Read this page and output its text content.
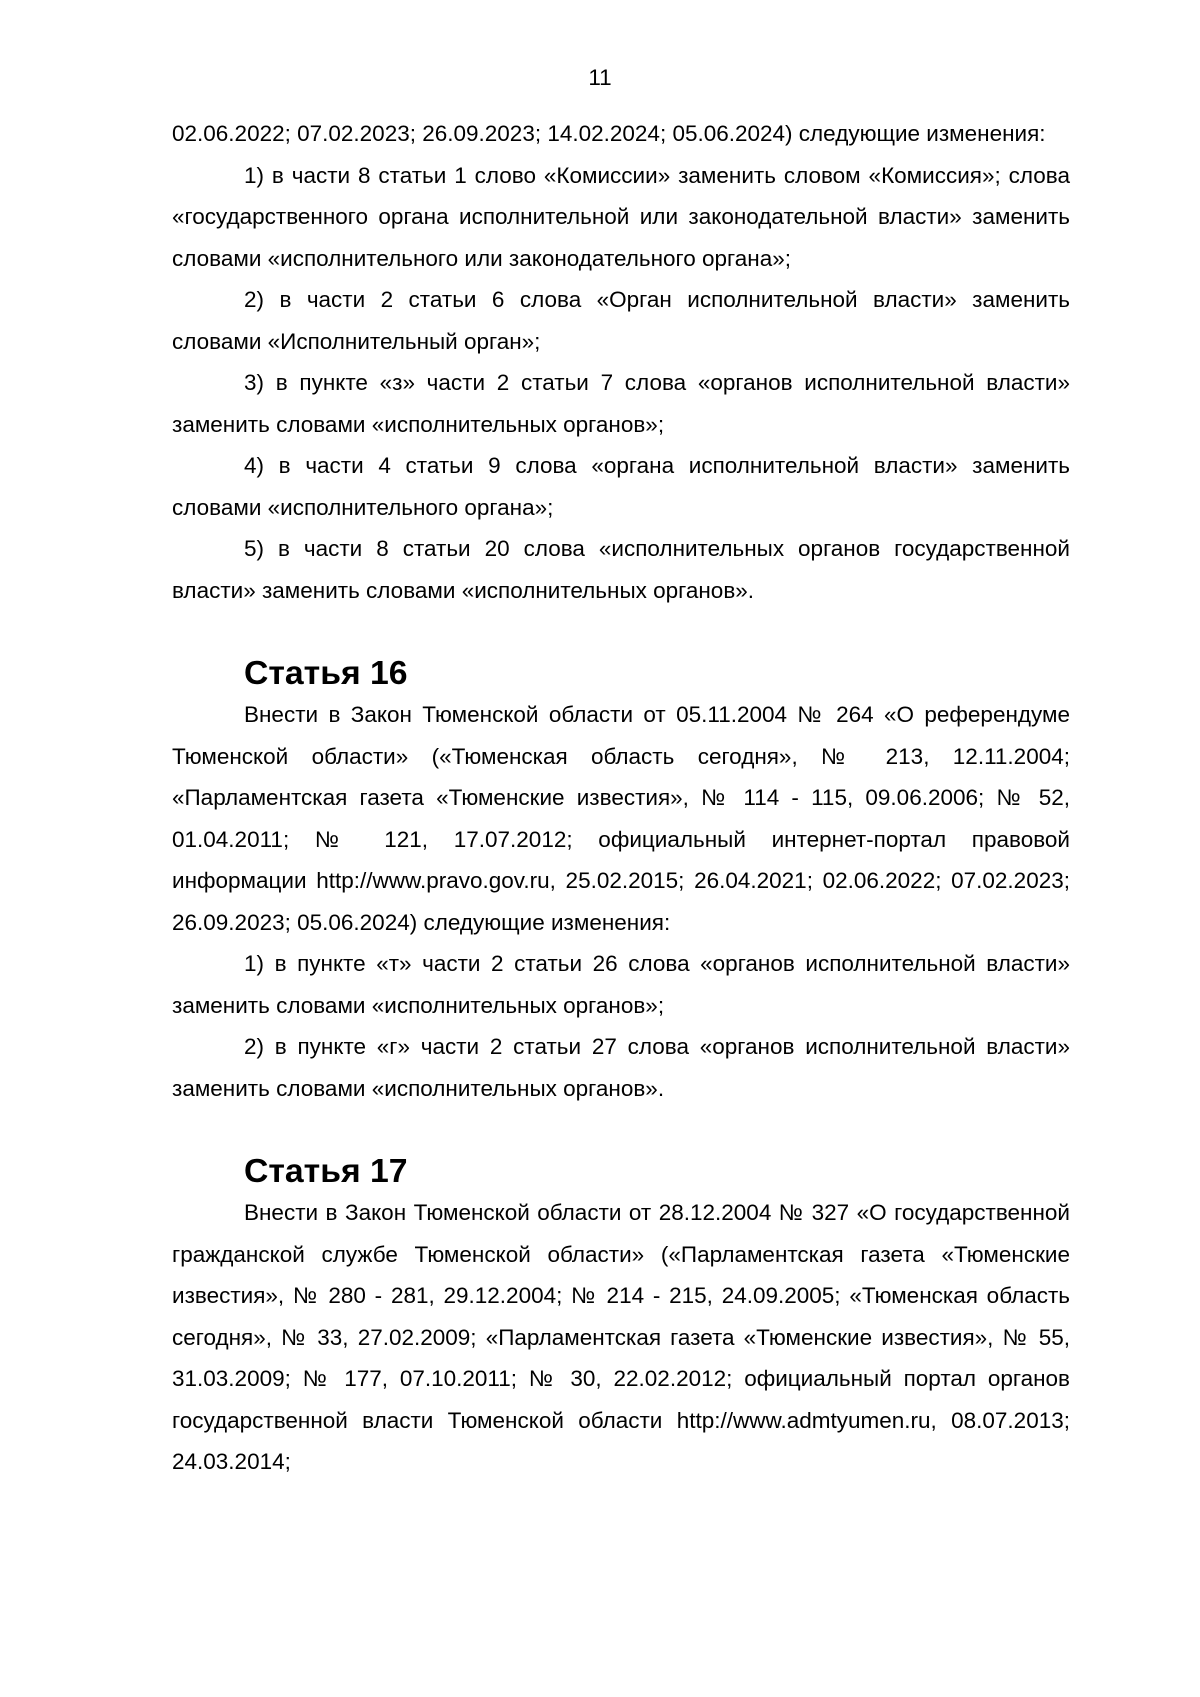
11

02.06.2022; 07.02.2023; 26.09.2023; 14.02.2024; 05.06.2024) следующие изменения:

1) в части 8 статьи 1 слово «Комиссии» заменить словом «Комиссия»; слова «государственного органа исполнительной или законодательной власти» заменить словами «исполнительного или законодательного органа»;

2) в части 2 статьи 6 слова «Орган исполнительной власти» заменить словами «Исполнительный орган»;

3) в пункте «з» части 2 статьи 7 слова «органов исполнительной власти» заменить словами «исполнительных органов»;

4) в части 4 статьи 9 слова «органа исполнительной власти» заменить словами «исполнительного органа»;

5) в части 8 статьи 20 слова «исполнительных органов государственной власти» заменить словами «исполнительных органов».

Статья 16

Внести в Закон Тюменской области от 05.11.2004 № 264 «О референдуме Тюменской области» («Тюменская область сегодня», № 213, 12.11.2004; «Парламентская газета «Тюменские известия», № 114 - 115, 09.06.2006; № 52, 01.04.2011; № 121, 17.07.2012; официальный интернет-портал правовой информации http://www.pravo.gov.ru, 25.02.2015; 26.04.2021; 02.06.2022; 07.02.2023; 26.09.2023; 05.06.2024) следующие изменения:

1) в пункте «т» части 2 статьи 26 слова «органов исполнительной власти» заменить словами «исполнительных органов»;

2) в пункте «г» части 2 статьи 27 слова «органов исполнительной власти» заменить словами «исполнительных органов».

Статья 17

Внести в Закон Тюменской области от 28.12.2004 № 327 «О государственной гражданской службе Тюменской области» («Парламентская газета «Тюменские известия», № 280 - 281, 29.12.2004; № 214 - 215, 24.09.2005; «Тюменская область сегодня», № 33, 27.02.2009; «Парламентская газета «Тюменские известия», № 55, 31.03.2009; № 177, 07.10.2011; № 30, 22.02.2012; официальный портал органов государственной власти Тюменской области http://www.admtyumen.ru, 08.07.2013; 24.03.2014;
